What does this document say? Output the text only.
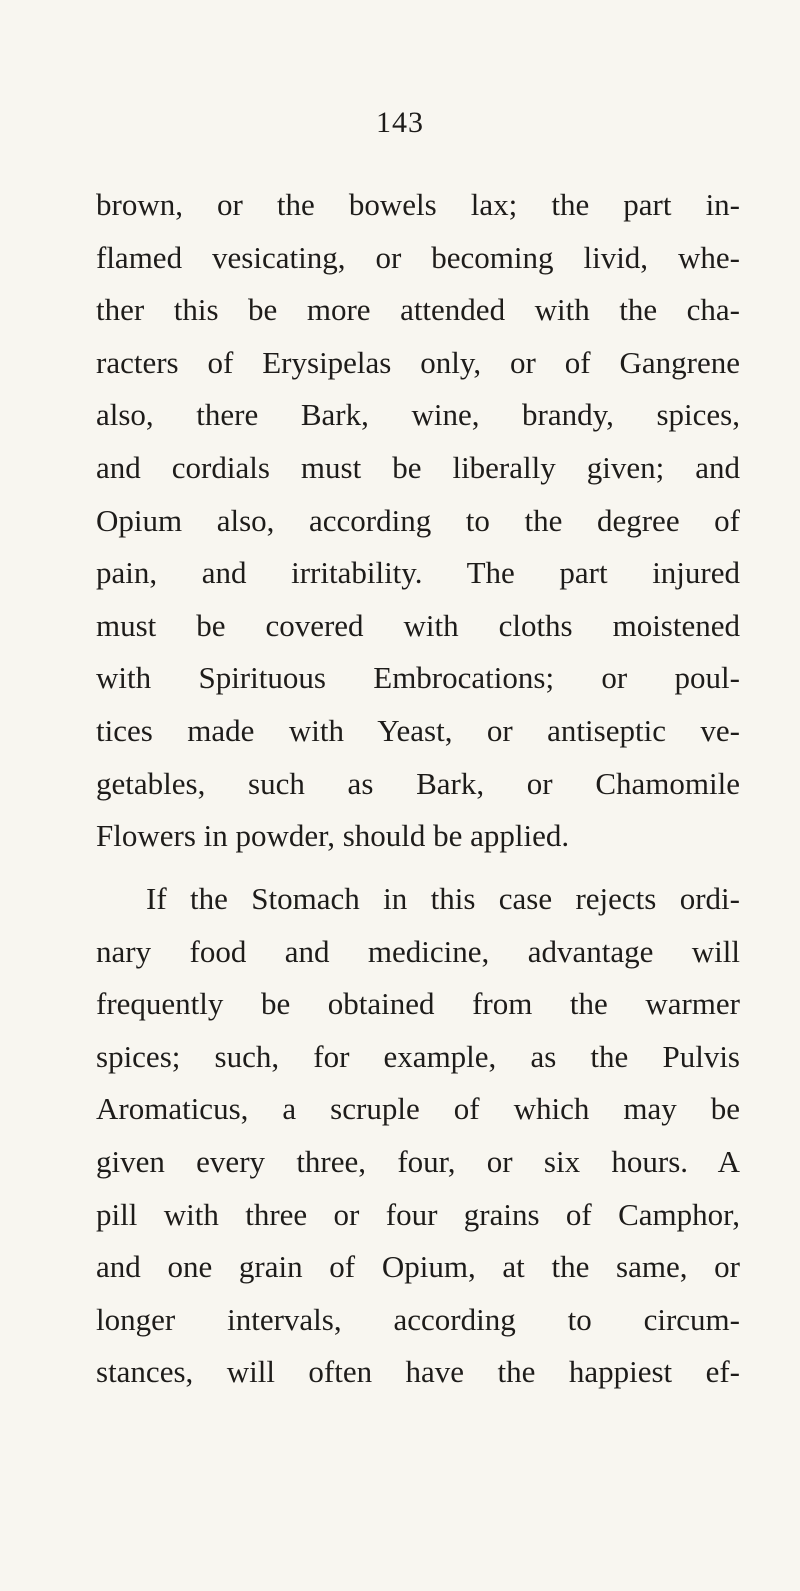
143
brown, or the bowels lax; the part in-
flamed vesicating, or becoming livid, whe-
ther this be more attended with the cha-
racters of Erysipelas only, or of Gangrene
also, there Bark, wine, brandy, spices,
and cordials must be liberally given; and
Opium also, according to the degree of
pain, and irritability. The part injured
must be covered with cloths moistened
with Spirituous Embrocations; or poul-
tices made with Yeast, or antiseptic ve-
getables, such as Bark, or Chamomile
Flowers in powder, should be applied.
If the Stomach in this case rejects ordi-
nary food and medicine, advantage will
frequently be obtained from the warmer
spices; such, for example, as the Pulvis
Aromaticus, a scruple of which may be
given every three, four, or six hours. A
pill with three or four grains of Camphor,
and one grain of Opium, at the same, or
longer intervals, according to circum-
stances, will often have the happiest ef-
